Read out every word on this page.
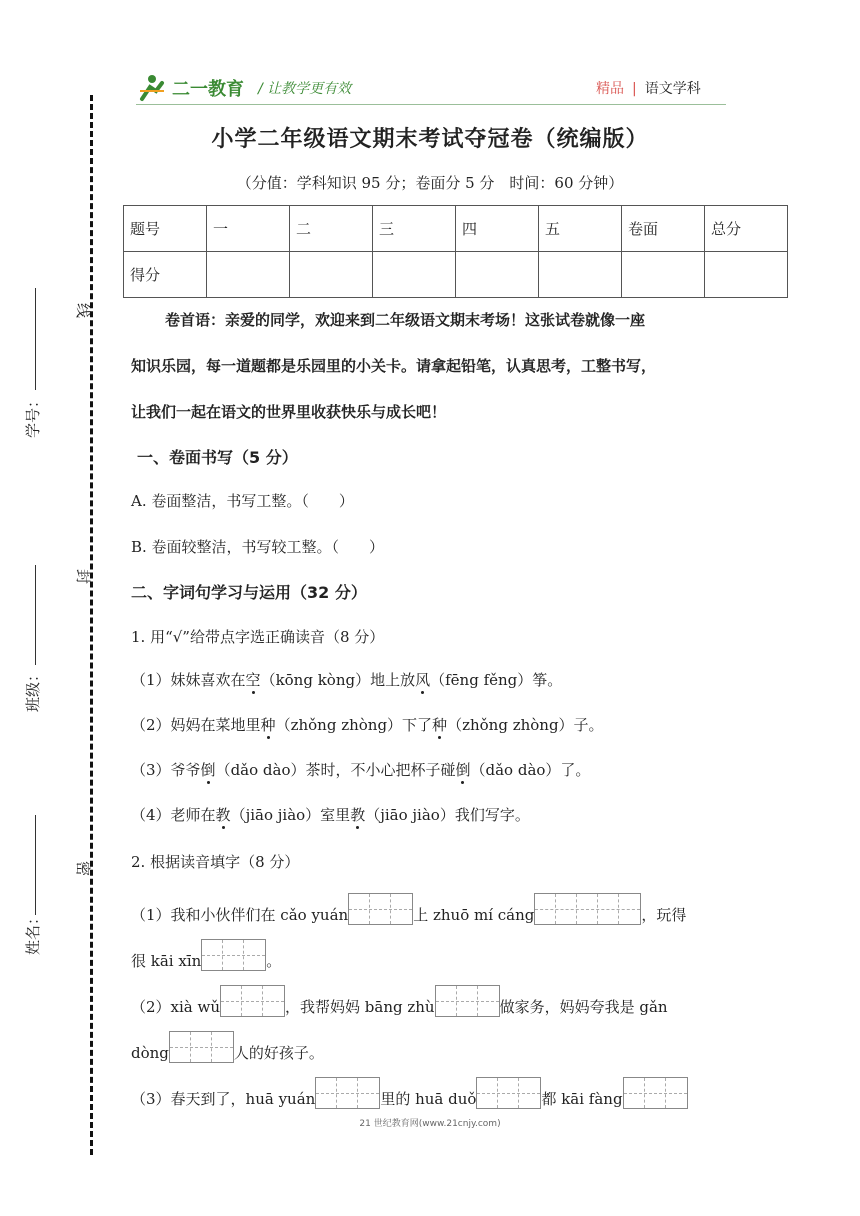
学号：
班级：
姓名：
线
封
密
二一教育 / 让教学更有效	精品 | 语文学科
小学二年级语文期末考试夺冠卷（统编版）
（分值：学科知识 95 分；卷面分 5 分　时间：60 分钟）
题号	一	二	三	四	五	卷面	总分
得分							
卷首语：亲爱的同学，欢迎来到二年级语文期末考场！这张试卷就像一座
知识乐园，每一道题都是乐园里的小关卡。请拿起铅笔，认真思考，工整书写，
让我们一起在语文的世界里收获快乐与成长吧！
一、卷面书写（5 分）
A. 卷面整洁，书写工整。（　　）
B. 卷面较整洁，书写较工整。（　　）
二、字词句学习与运用（32 分）
1. 用“√”给带点字选正确读音（8 分）
（1）妹妹喜欢在空（kōng kòng）地上放风（fēng fěng）筝。
（2）妈妈在菜地里种（zhǒng zhòng）下了种（zhǒng zhòng）子。
（3）爷爷倒（dǎo dào）茶时，不小心把杯子碰倒（dǎo dào）了。
（4）老师在教（jiāo jiào）室里教（jiāo jiào）我们写字。
2. 根据读音填字（8 分）
（1）我和小伙伴们在 cǎo yuán	上 zhuō mí cáng	，玩得
很 kāi xīn	。
（2）xià wǔ	，我帮妈妈 bāng zhù	做家务，妈妈夸我是 gǎn
dòng	人的好孩子。
（3）春天到了，huā yuán	里的 huā duǒ	都 kāi fàng
21 世纪教育网(www.21cnjy.com)
